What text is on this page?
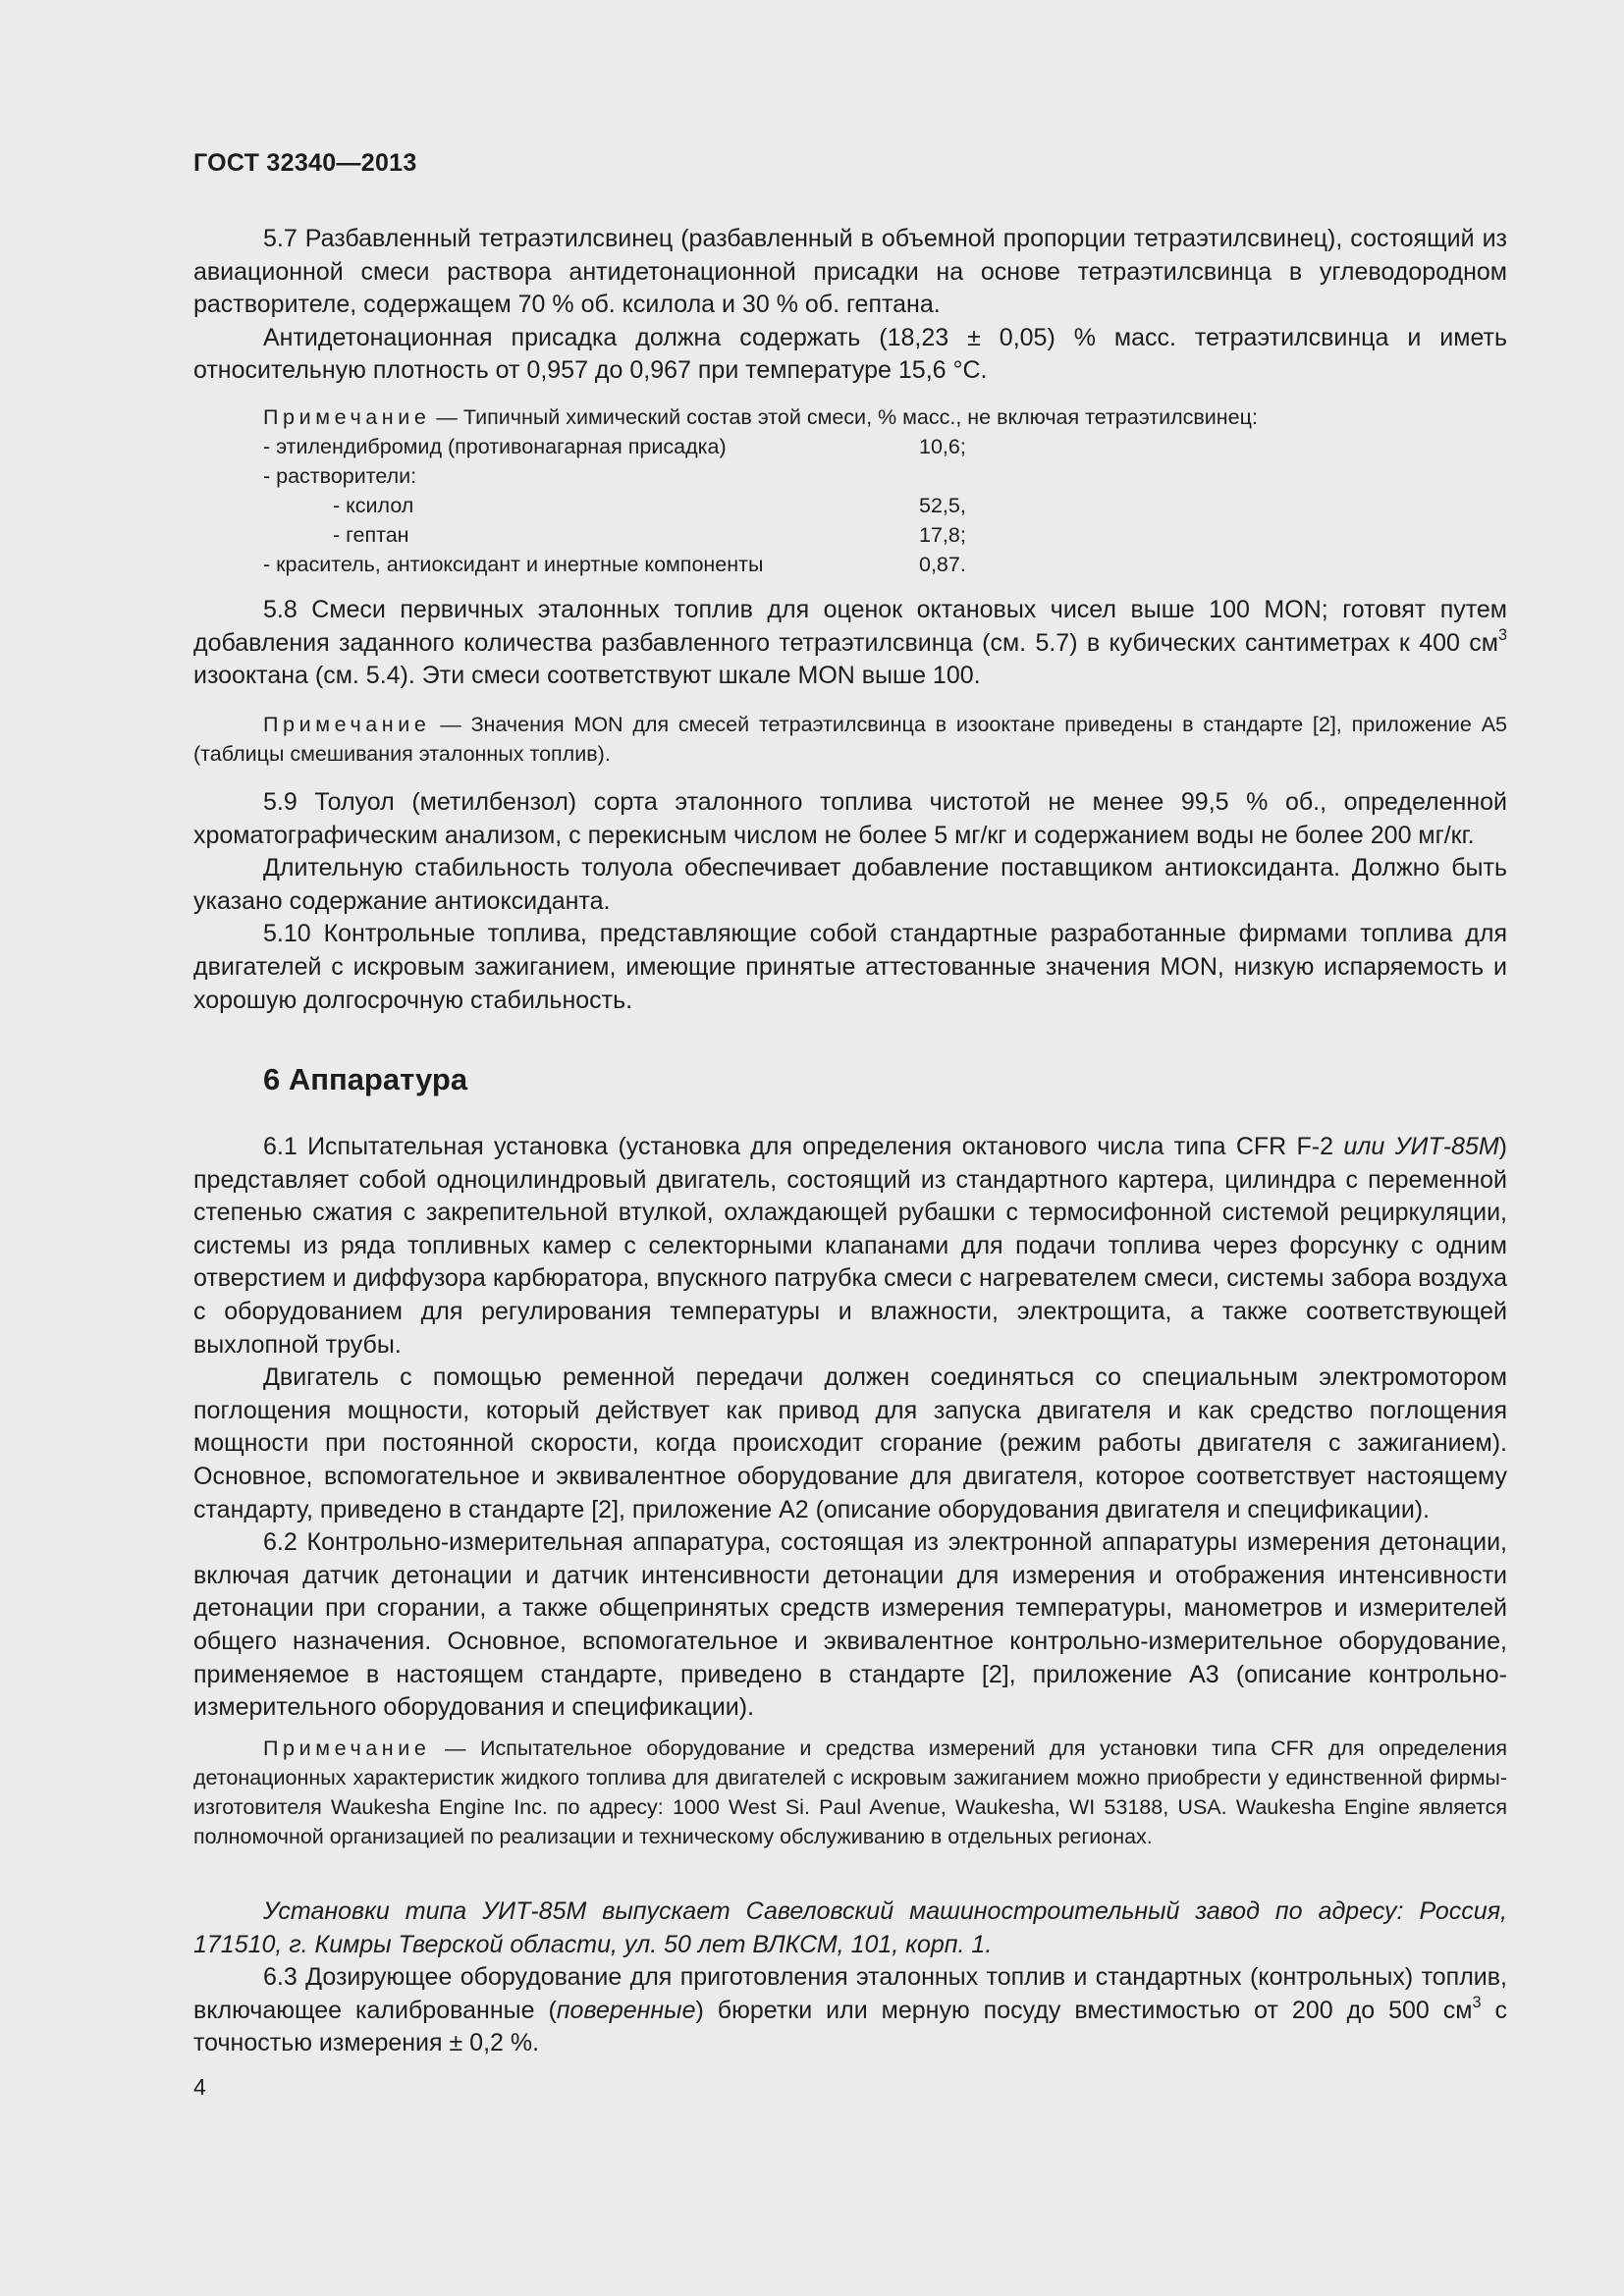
ГОСТ 32340—2013

5.7 Разбавленный тетраэтилсвинец (разбавленный в объемной пропорции тетраэтилсвинец), состоящий из авиационной смеси раствора антидетонационной присадки на основе тетраэтилсвинца в углеводородном растворителе, содержащем 70 % об. ксилола и 30 % об. гептана.

Антидетонационная присадка должна содержать (18,23 ± 0,05) % масс. тетраэтилсвинца и иметь относительную плотность от 0,957 до 0,967 при температуре 15,6 °C.

Примечание — Типичный химический состав этой смеси, % масс., не включая тетраэтилсвинец:

- этилендибромид (противонагарная присадка)	10,6;
- растворители:
- ксилол	52,5,
- гептан	17,8;
- краситель, антиоксидант и инертные компоненты	0,87.

5.8 Смеси первичных эталонных топлив для оценок октановых чисел выше 100 MON; готовят путем добавления заданного количества разбавленного тетраэтилсвинца (см. 5.7) в кубических сантиметрах к 400 $см^3$ изооктана (см. 5.4). Эти смеси соответствуют шкале MON выше 100.

Примечание — Значения MON для смесей тетраэтилсвинца в изооктане приведены в стандарте [2], приложение А5 (таблицы смешивания эталонных топлив).

5.9 Толуол (метилбензол) сорта эталонного топлива чистотой не менее 99,5 % об., определенной хроматографическим анализом, с перекисным числом не более 5 мг/кг и содержанием воды не более 200 мг/кг.

Длительную стабильность толуола обеспечивает добавление поставщиком антиоксиданта. Должно быть указано содержание антиоксиданта.

5.10 Контрольные топлива, представляющие собой стандартные разработанные фирмами топлива для двигателей с искровым зажиганием, имеющие принятые аттестованные значения MON, низкую испаряемость и хорошую долгосрочную стабильность.

6 Аппаратура

6.1 Испытательная установка (установка для определения октанового числа типа CFR F-2 или УИТ-85М) представляет собой одноцилиндровый двигатель, состоящий из стандартного картера, цилиндра с переменной степенью сжатия с закрепительной втулкой, охлаждающей рубашки с термосифонной системой рециркуляции, системы из ряда топливных камер с селекторными клапанами для подачи топлива через форсунку с одним отверстием и диффузора карбюратора, впускного патрубка смеси с нагревателем смеси, системы забора воздуха с оборудованием для регулирования температуры и влажности, электрощита, а также соответствующей выхлопной трубы.

Двигатель с помощью ременной передачи должен соединяться со специальным электромотором поглощения мощности, который действует как привод для запуска двигателя и как средство поглощения мощности при постоянной скорости, когда происходит сгорание (режим работы двигателя с зажиганием). Основное, вспомогательное и эквивалентное оборудование для двигателя, которое соответствует настоящему стандарту, приведено в стандарте [2], приложение А2 (описание оборудования двигателя и спецификации).

6.2 Контрольно-измерительная аппаратура, состоящая из электронной аппаратуры измерения детонации, включая датчик детонации и датчик интенсивности детонации для измерения и отображения интенсивности детонации при сгорании, а также общепринятых средств измерения температуры, манометров и измерителей общего назначения. Основное, вспомогательное и эквивалентное контрольно-измерительное оборудование, применяемое в настоящем стандарте, приведено в стандарте [2], приложение А3 (описание контрольно-измерительного оборудования и спецификации).

Примечание — Испытательное оборудование и средства измерений для установки типа CFR для определения детонационных характеристик жидкого топлива для двигателей с искровым зажиганием можно приобрести у единственной фирмы-изготовителя Waukesha Engine Inc. по адресу: 1000 West Si. Paul Avenue, Waukesha, WI 53188, USA. Waukesha Engine является полномочной организацией по реализации и техническому обслуживанию в отдельных регионах.

Установки типа УИТ-85М выпускает Савеловский машиностроительный завод по адресу: Россия, 171510, г. Кимры Тверской области, ул. 50 лет ВЛКСМ, 101, корп. 1.

6.3 Дозирующее оборудование для приготовления эталонных топлив и стандартных (контрольных) топлив, включающее калиброванные (поверенные) бюретки или мерную посуду вместимостью от 200 до 500 $см^3$ с точностью измерения ± 0,2 %.

4
